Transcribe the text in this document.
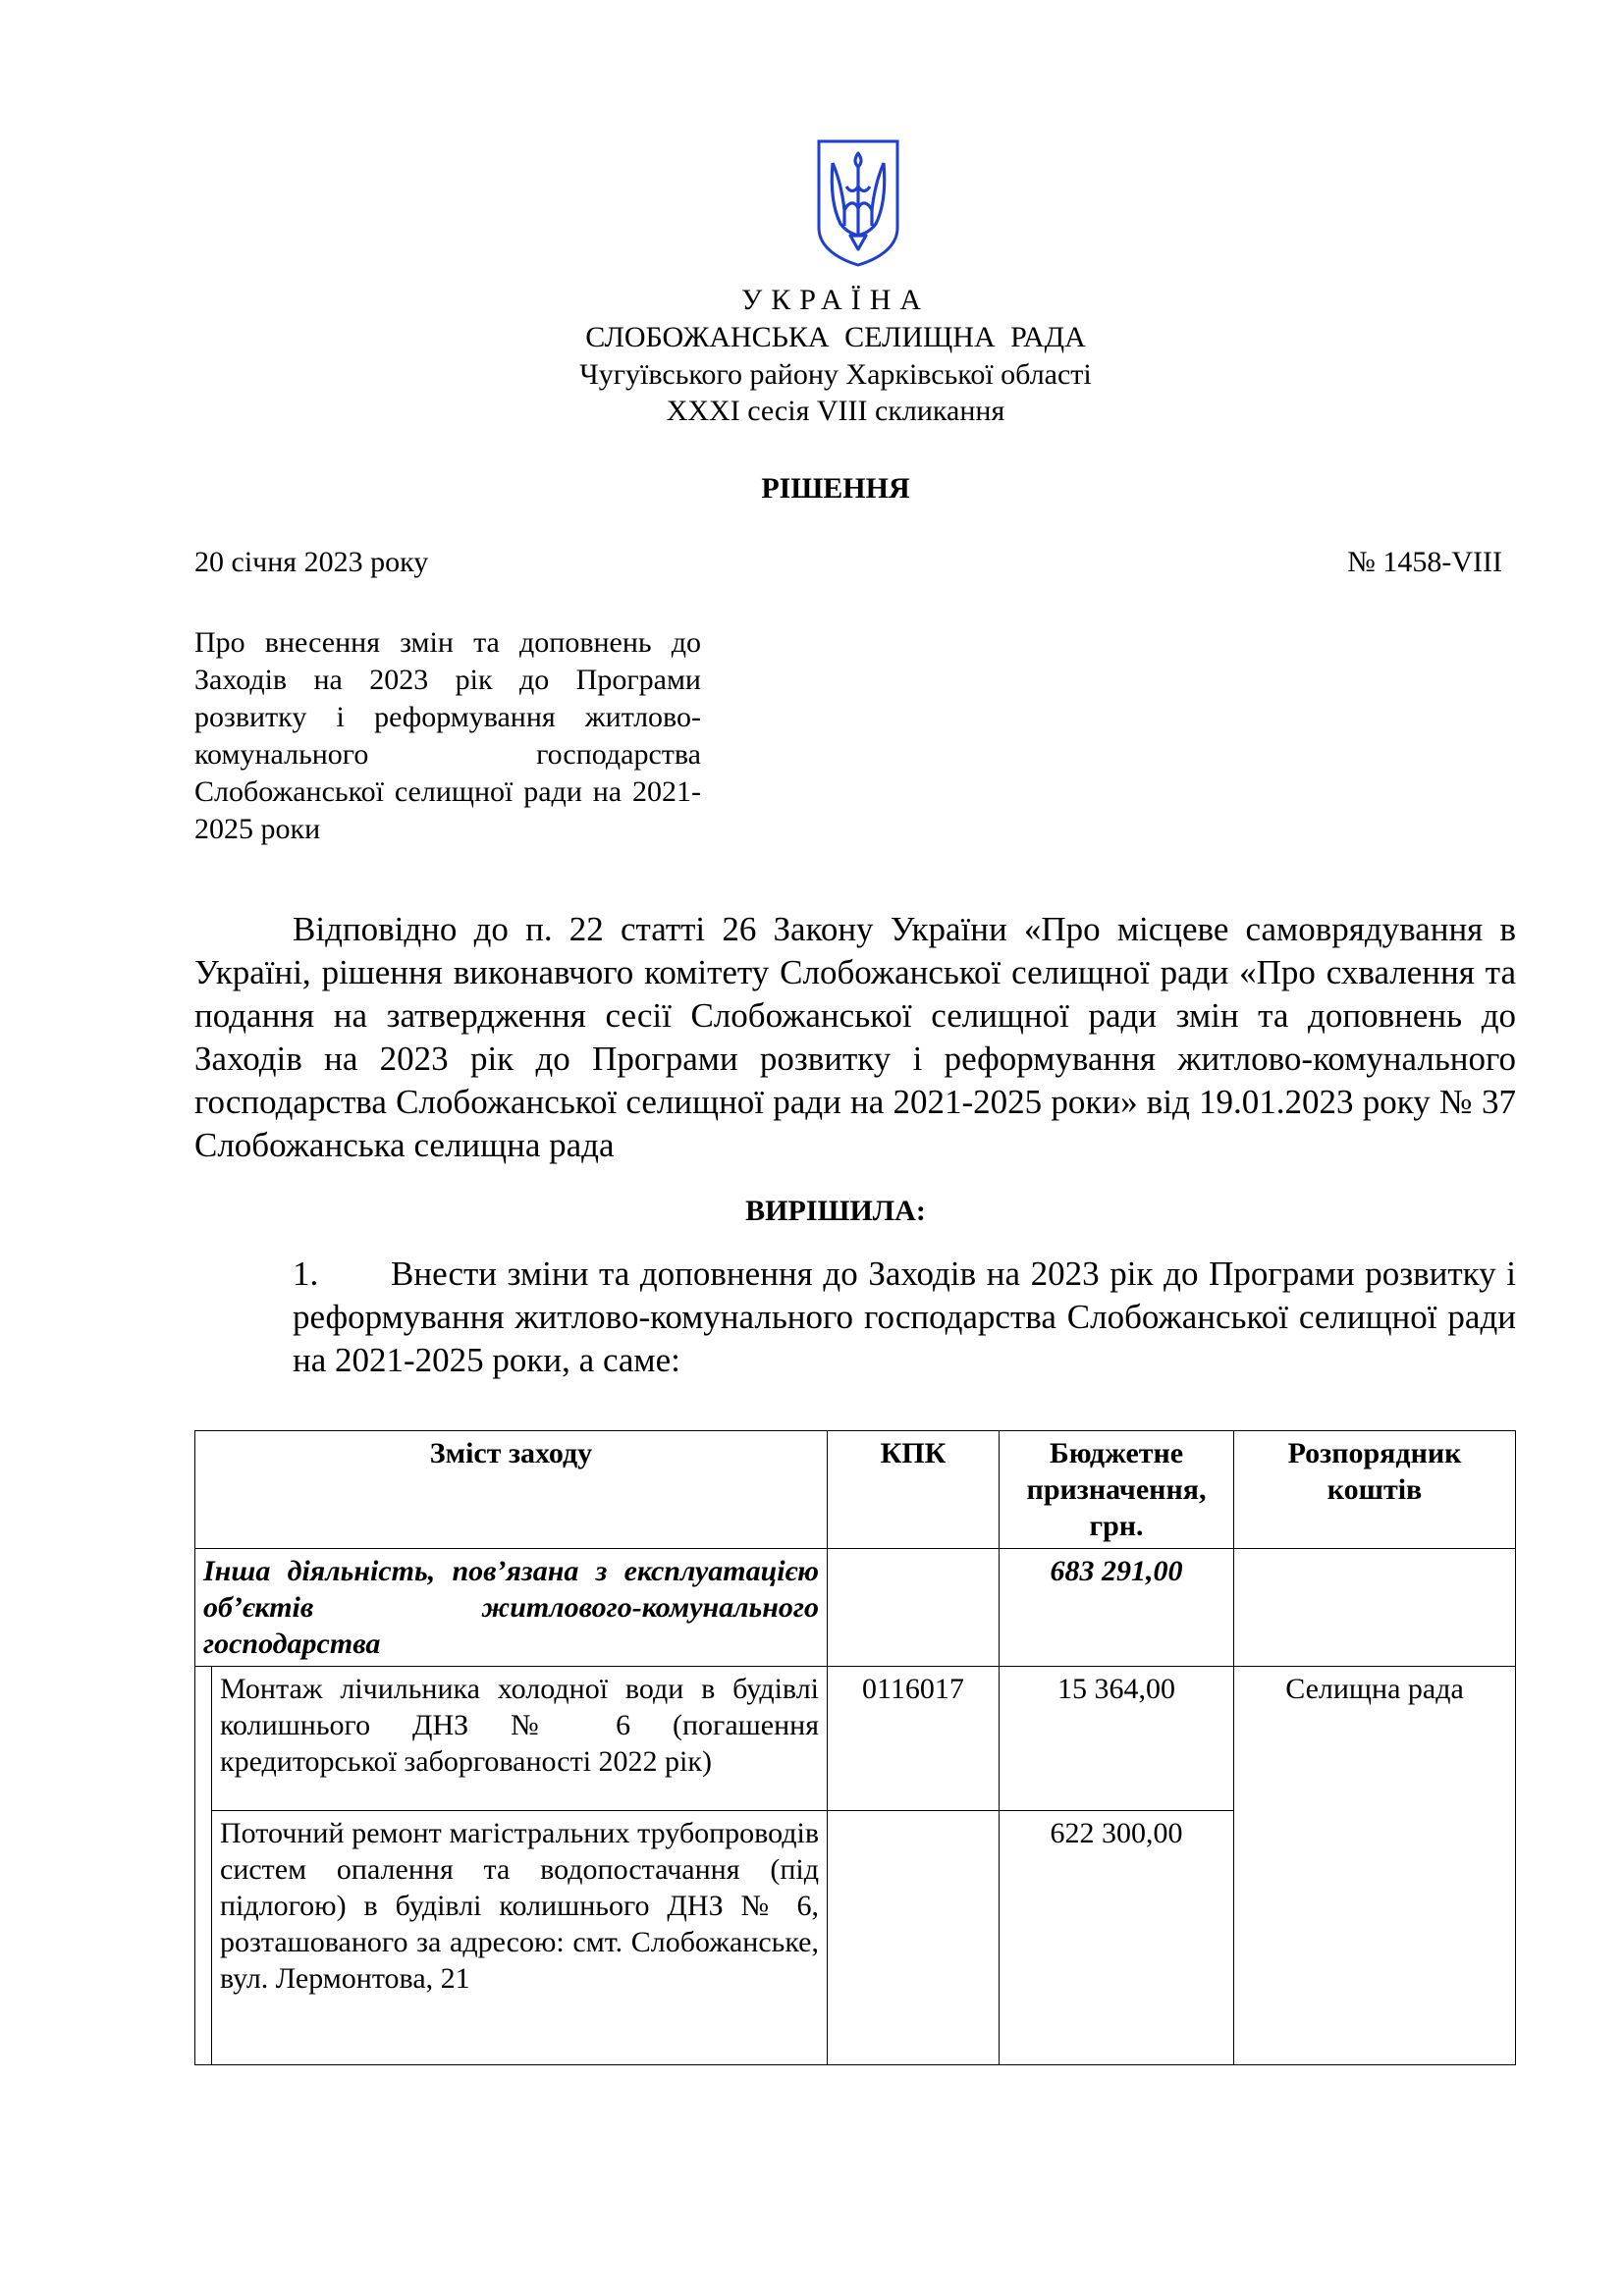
УКРАЇНА
СЛОБОЖАНСЬКА СЕЛИЩНА РАДА
Чугуївського району Харківської області
XXXI сесія VIII скликання
РІШЕННЯ
20 січня 2023 року	№ 1458-VIII
Про внесення змін та доповнень до Заходів на 2023 рік до Програми розвитку і реформування житлово-комунального господарства Слобожанської селищної ради на 2021-2025 роки
Відповідно до п. 22 статті 26 Закону України «Про місцеве самоврядування в Україні, рішення виконавчого комітету Слобожанської селищної ради «Про схвалення та подання на затвердження сесії Слобожанської селищної ради змін та доповнень до Заходів на 2023 рік до Програми розвитку і реформування житлово-комунального господарства Слобожанської селищної ради на 2021-2025 роки» від 19.01.2023 року № 37 Слобожанська селищна рада
ВИРІШИЛА:
1. Внести зміни та доповнення до Заходів на 2023 рік до Програми розвитку і реформування житлово-комунального господарства Слобожанської селищної ради на 2021-2025 роки, а саме:
Зміст заходу		КПК	Бюджетне призначення, грн.	Розпорядник коштів
Інша діяльність, пов’язана з експлуатацією об’єктів житлового-комунального господарства			683 291,00	
	Монтаж лічильника холодної води в будівлі колишнього ДНЗ № 6 (погашення кредиторської заборгованості 2022 рік)	0116017	15 364,00	Селищна рада
	Поточний ремонт магістральних трубопроводів систем опалення та водопостачання (під підлогою) в будівлі колишнього ДНЗ № 6, розташованого за адресою: смт. Слобожанське, вул. Лермонтова, 21		622 300,00	
